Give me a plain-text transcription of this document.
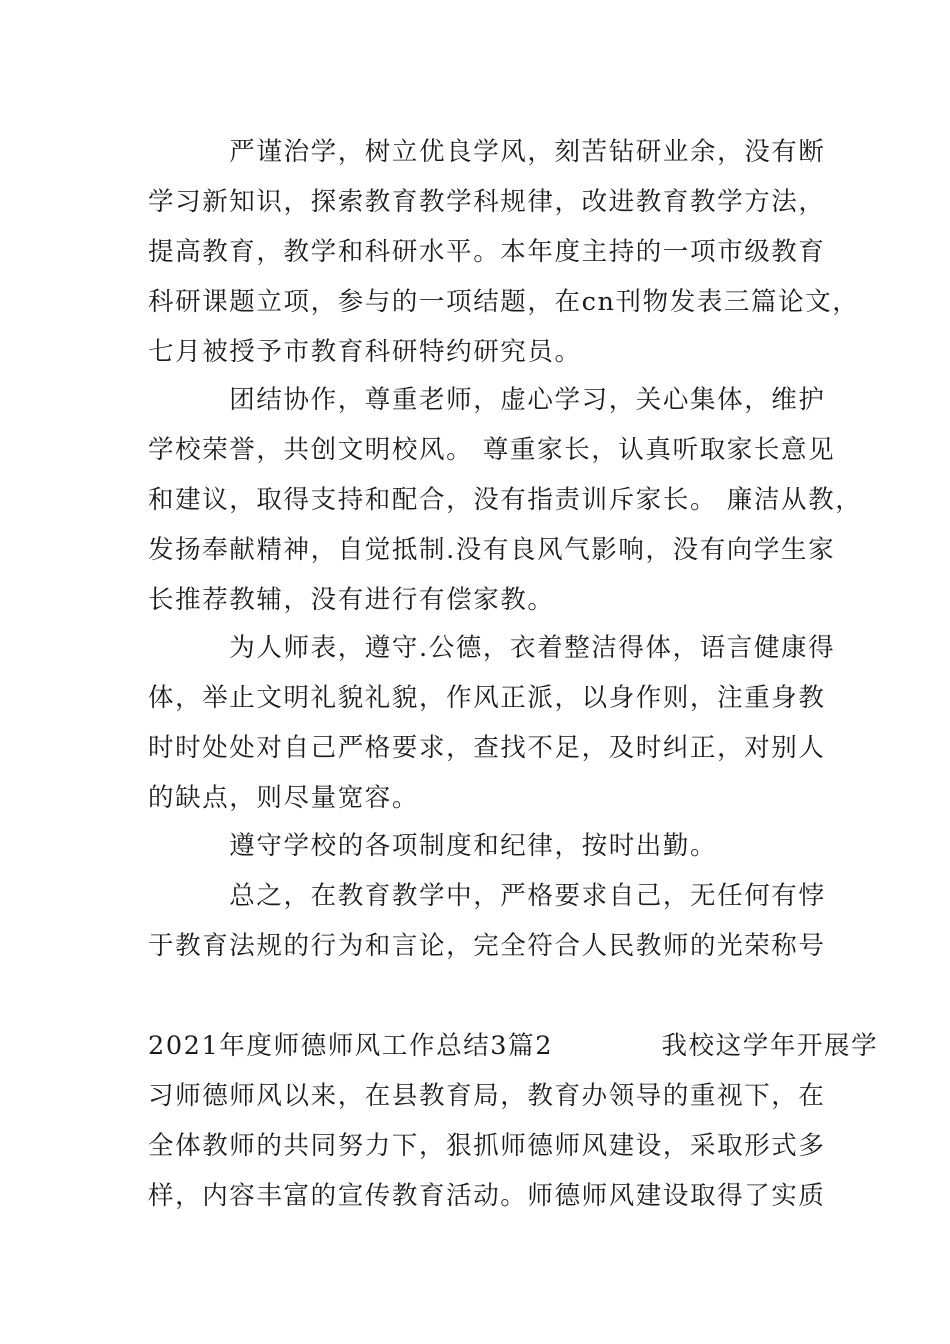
　　　严谨治学，树立优良学风，刻苦钻研业余，没有断
学习新知识，探索教育教学科规律，改进教育教学方法，
提高教育，教学和科研水平。本年度主持的一项市级教育
科研课题立项，参与的一项结题，在cn刊物发表三篇论文，
七月被授予市教育科研特约研究员。
　　　团结协作，尊重老师，虚心学习，关心集体，维护
学校荣誉，共创文明校风。 尊重家长，认真听取家长意见
和建议，取得支持和配合，没有指责训斥家长。 廉洁从教，
发扬奉献精神，自觉抵制.没有良风气影响，没有向学生家
长推荐教辅，没有进行有偿家教。
　　　为人师表，遵守.公德，衣着整洁得体，语言健康得
体，举止文明礼貌礼貌，作风正派，以身作则，注重身教
时时处处对自己严格要求，查找不足，及时纠正，对别人
的缺点，则尽量宽容。
　　　遵守学校的各项制度和纪律，按时出勤。
　　　总之，在教育教学中，严格要求自己，无任何有悖
于教育法规的行为和言论，完全符合人民教师的光荣称号
2021年度师德师风工作总结3篇2　　　　我校这学年开展学
习师德师风以来，在县教育局，教育办领导的重视下，在
全体教师的共同努力下，狠抓师德师风建设，采取形式多
样，内容丰富的宣传教育活动。师德师风建设取得了实质
